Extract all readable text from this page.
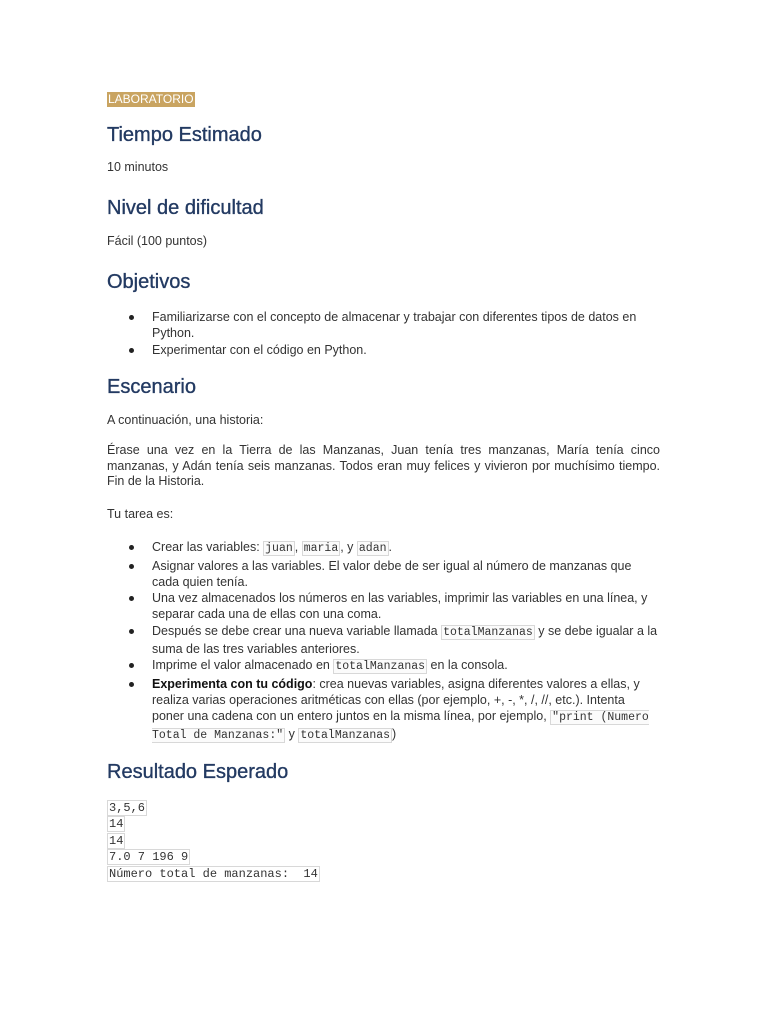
LABORATORIO
Tiempo Estimado

10 minutos

Nivel de dificultad

Fácil (100 puntos)

Objetivos
Familiarizarse con el concepto de almacenar y trabajar con diferentes tipos de datos en Python.
Experimentar con el código en Python.
Escenario

A continuación, una historia:

Érase una vez en la Tierra de las Manzanas, Juan tenía tres manzanas, María tenía cinco manzanas, y Adán tenía seis manzanas. Todos eran muy felices y vivieron por muchísimo tiempo. Fin de la Historia.

Tu tarea es:

Crear las variables: juan , maria , y adan .
Asignar valores a las variables. El valor debe de ser igual al número de manzanas que cada quien tenía.
Una vez almacenados los números en las variables, imprimir las variables en una línea, y separar cada una de ellas con una coma.
Después se debe crear una nueva variable llamada totalManzanas y se debe igualar a la suma de las tres variables anteriores.
Imprime el valor almacenado en totalManzanas en la consola.
Experimenta con tu código: crea nuevas variables, asigna diferentes valores a ellas, y realiza varias operaciones aritméticas con ellas (por ejemplo, +, -, *, /, //, etc.). Intenta poner una cadena con un entero juntos en la misma línea, por ejemplo, "print (Numero Total de Manzanas:" y totalManzanas )
Resultado Esperado
3,5,6
14
14
7.0 7 196 9
Número total de manzanas:  14
